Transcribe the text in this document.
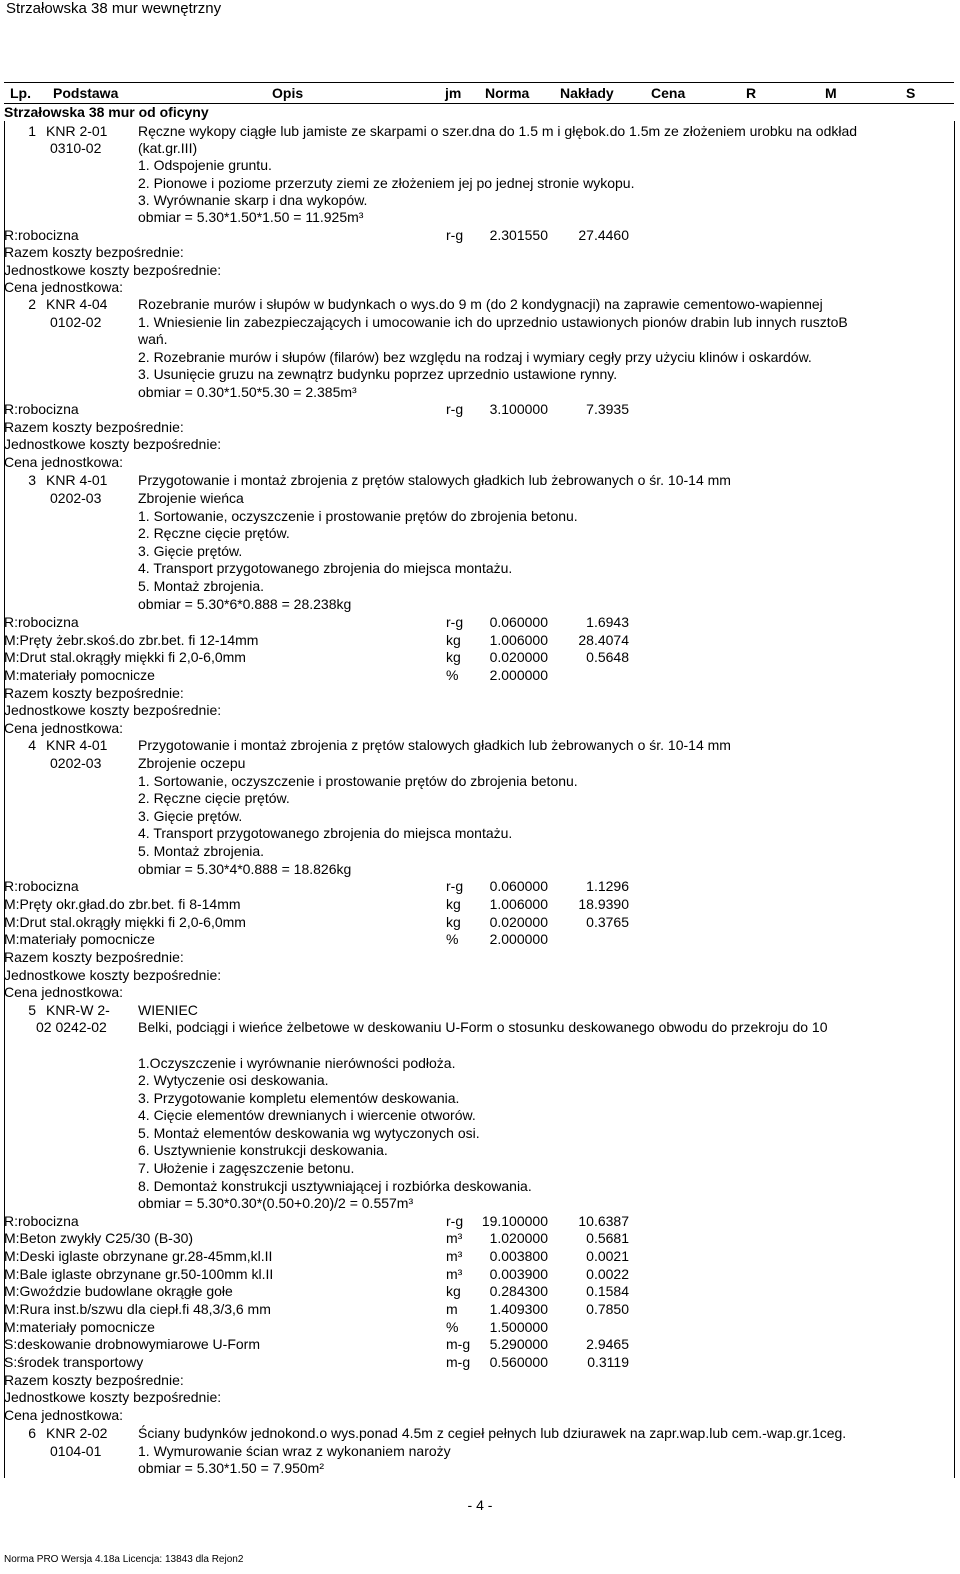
Strzałowska 38 mur wewnętrzny
Lp. Podstawa	Opis	jm Norma Nakłady	Cena	R	M	S
Strzałowska 38 mur od oficyny
1 KNR 2-01
0310-02
Ręczne wykopy ciągłe lub jamiste ze skarpami o szer.dna do 1.5 m i głębok.do 1.5m ze złożeniem urobku na odkład
(kat.gr.III)
1. Odspojenie gruntu.
2. Pionowe i poziome przerzuty ziemi ze złożeniem jej po jednej stronie wykopu.
3. Wyrównanie skarp i dna wykopów.
obmiar = 5.30*1.50*1.50 = 11.925m³
R:robocizna	r-g	2.301550	27.4460
Razem koszty bezpośrednie:
Jednostkowe koszty bezpośrednie:
Cena jednostkowa:
2 KNR 4-04
0102-02
Rozebranie murów i słupów w budynkach o wys.do 9 m (do 2 kondygnacji) na zaprawie cementowo-wapiennej
1. Wniesienie lin zabezpieczających i umocowanie ich do uprzednio ustawionych pionów drabin lub innych rusztoB
wań.
2. Rozebranie murów i słupów (filarów) bez względu na rodzaj i wymiary cegły przy użyciu klinów i oskardów.
3. Usunięcie gruzu na zewnątrz budynku poprzez uprzednio ustawione rynny.
obmiar = 0.30*1.50*5.30 = 2.385m³
R:robocizna	r-g	3.100000	7.3935
Razem koszty bezpośrednie:
Jednostkowe koszty bezpośrednie:
Cena jednostkowa:
3 KNR 4-01
0202-03
Przygotowanie i montaż zbrojenia z prętów stalowych gładkich lub żebrowanych o śr. 10-14 mm
Zbrojenie wieńca
1. Sortowanie, oczyszczenie i prostowanie prętów do zbrojenia betonu.
2. Ręczne cięcie prętów.
3. Gięcie prętów.
4. Transport przygotowanego zbrojenia do miejsca montażu.
5. Montaż zbrojenia.
obmiar = 5.30*6*0.888 = 28.238kg
R:robocizna	r-g	0.060000	1.6943
M:Pręty żebr.skoś.do zbr.bet. fi 12-14mm	kg	1.006000	28.4074
M:Drut stal.okrągły miękki fi 2,0-6,0mm	kg	0.020000	0.5648
M:materiały pomocnicze	%	2.000000
Razem koszty bezpośrednie:
Jednostkowe koszty bezpośrednie:
Cena jednostkowa:
4 KNR 4-01
0202-03
Przygotowanie i montaż zbrojenia z prętów stalowych gładkich lub żebrowanych o śr. 10-14 mm
Zbrojenie oczepu
1. Sortowanie, oczyszczenie i prostowanie prętów do zbrojenia betonu.
2. Ręczne cięcie prętów.
3. Gięcie prętów.
4. Transport przygotowanego zbrojenia do miejsca montażu.
5. Montaż zbrojenia.
obmiar = 5.30*4*0.888 = 18.826kg
R:robocizna	r-g	0.060000	1.1296
M:Pręty okr.gład.do zbr.bet. fi 8-14mm	kg	1.006000	18.9390
M:Drut stal.okrągły miękki fi 2,0-6,0mm	kg	0.020000	0.3765
M:materiały pomocnicze	%	2.000000
Razem koszty bezpośrednie:
Jednostkowe koszty bezpośrednie:
Cena jednostkowa:
5 KNR-W 2-
02 0242-02
WIENIEC
Belki, podciągi i wieńce żelbetowe w deskowaniu U-Form o stosunku deskowanego obwodu do przekroju do 10
1.Oczyszczenie i wyrównanie nierówności podłoża.
2. Wytyczenie osi deskowania.
3. Przygotowanie kompletu elementów deskowania.
4. Cięcie elementów drewnianych i wiercenie otworów.
5. Montaż elementów deskowania wg wytyczonych osi.
6. Usztywnienie konstrukcji deskowania.
7. Ułożenie i zagęszczenie betonu.
8. Demontaż konstrukcji usztywniającej i rozbiórka deskowania.
obmiar = 5.30*0.30*(0.50+0.20)/2 = 0.557m³
R:robocizna	r-g	19.100000	10.6387
M:Beton zwykły C25/30 (B-30)	m³	1.020000	0.5681
M:Deski iglaste obrzynane gr.28-45mm,kl.II	m³	0.003800	0.0021
M:Bale iglaste obrzynane gr.50-100mm kl.II	m³	0.003900	0.0022
M:Gwoździe budowlane okrągłe gołe	kg	0.284300	0.1584
M:Rura inst.b/szwu dla ciepł.fi 48,3/3,6 mm	m	1.409300	0.7850
M:materiały pomocnicze	%	1.500000
S:deskowanie drobnowymiarowe U-Form	m-g	5.290000	2.9465
S:środek transportowy	m-g	0.560000	0.3119
Razem koszty bezpośrednie:
Jednostkowe koszty bezpośrednie:
Cena jednostkowa:
6 KNR 2-02
0104-01
Ściany budynków jednokond.o wys.ponad 4.5m z cegieł pełnych lub dziurawek na zapr.wap.lub cem.-wap.gr.1ceg.
1. Wymurowanie ścian wraz z wykonaniem naroży
obmiar = 5.30*1.50 = 7.950m²
- 4 -
Norma PRO Wersja 4.18a Licencja: 13843 dla Rejon2
